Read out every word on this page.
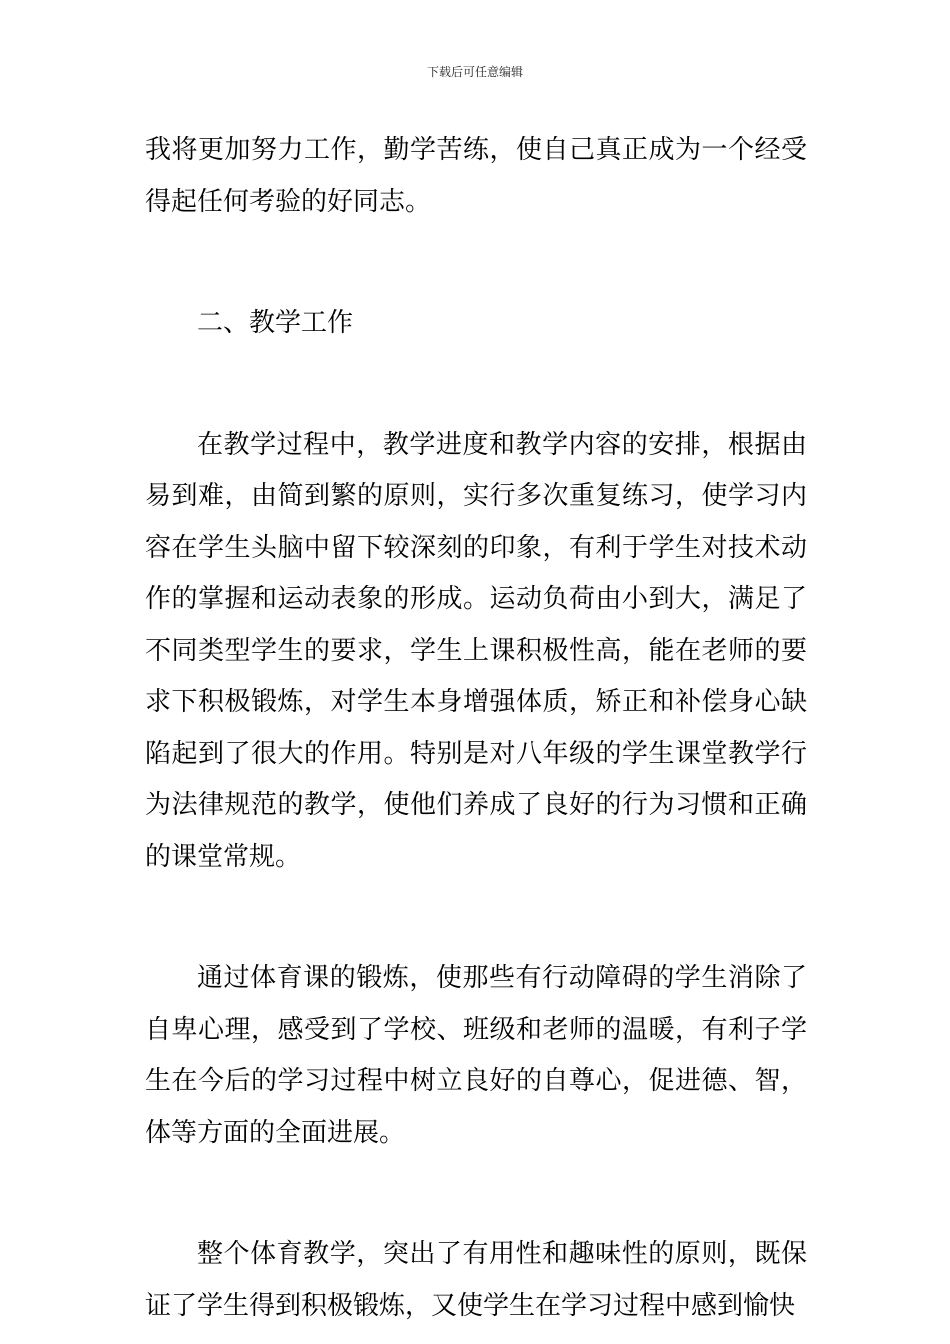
下载后可任意编辑

我将更加努力工作，勤学苦练，使自己真正成为一个经受得起任何考验的好同志。

二、教学工作

在教学过程中，教学进度和教学内容的安排，根据由易到难，由简到繁的原则，实行多次重复练习，使学习内容在学生头脑中留下较深刻的印象，有利于学生对技术动作的掌握和运动表象的形成。运动负荷由小到大，满足了不同类型学生的要求，学生上课积极性高，能在老师的要求下积极锻炼，对学生本身增强体质，矫正和补偿身心缺陷起到了很大的作用。特别是对八年级的学生课堂教学行为法律规范的教学，使他们养成了良好的行为习惯和正确的课堂常规。

通过体育课的锻炼，使那些有行动障碍的学生消除了自卑心理，感受到了学校、班级和老师的温暖，有利子学生在今后的学习过程中树立良好的自尊心，促进德、智，体等方面的全面进展。

整个体育教学，突出了有用性和趣味性的原则，既保证了学生得到积极锻炼，又使学生在学习过程中感到愉快
